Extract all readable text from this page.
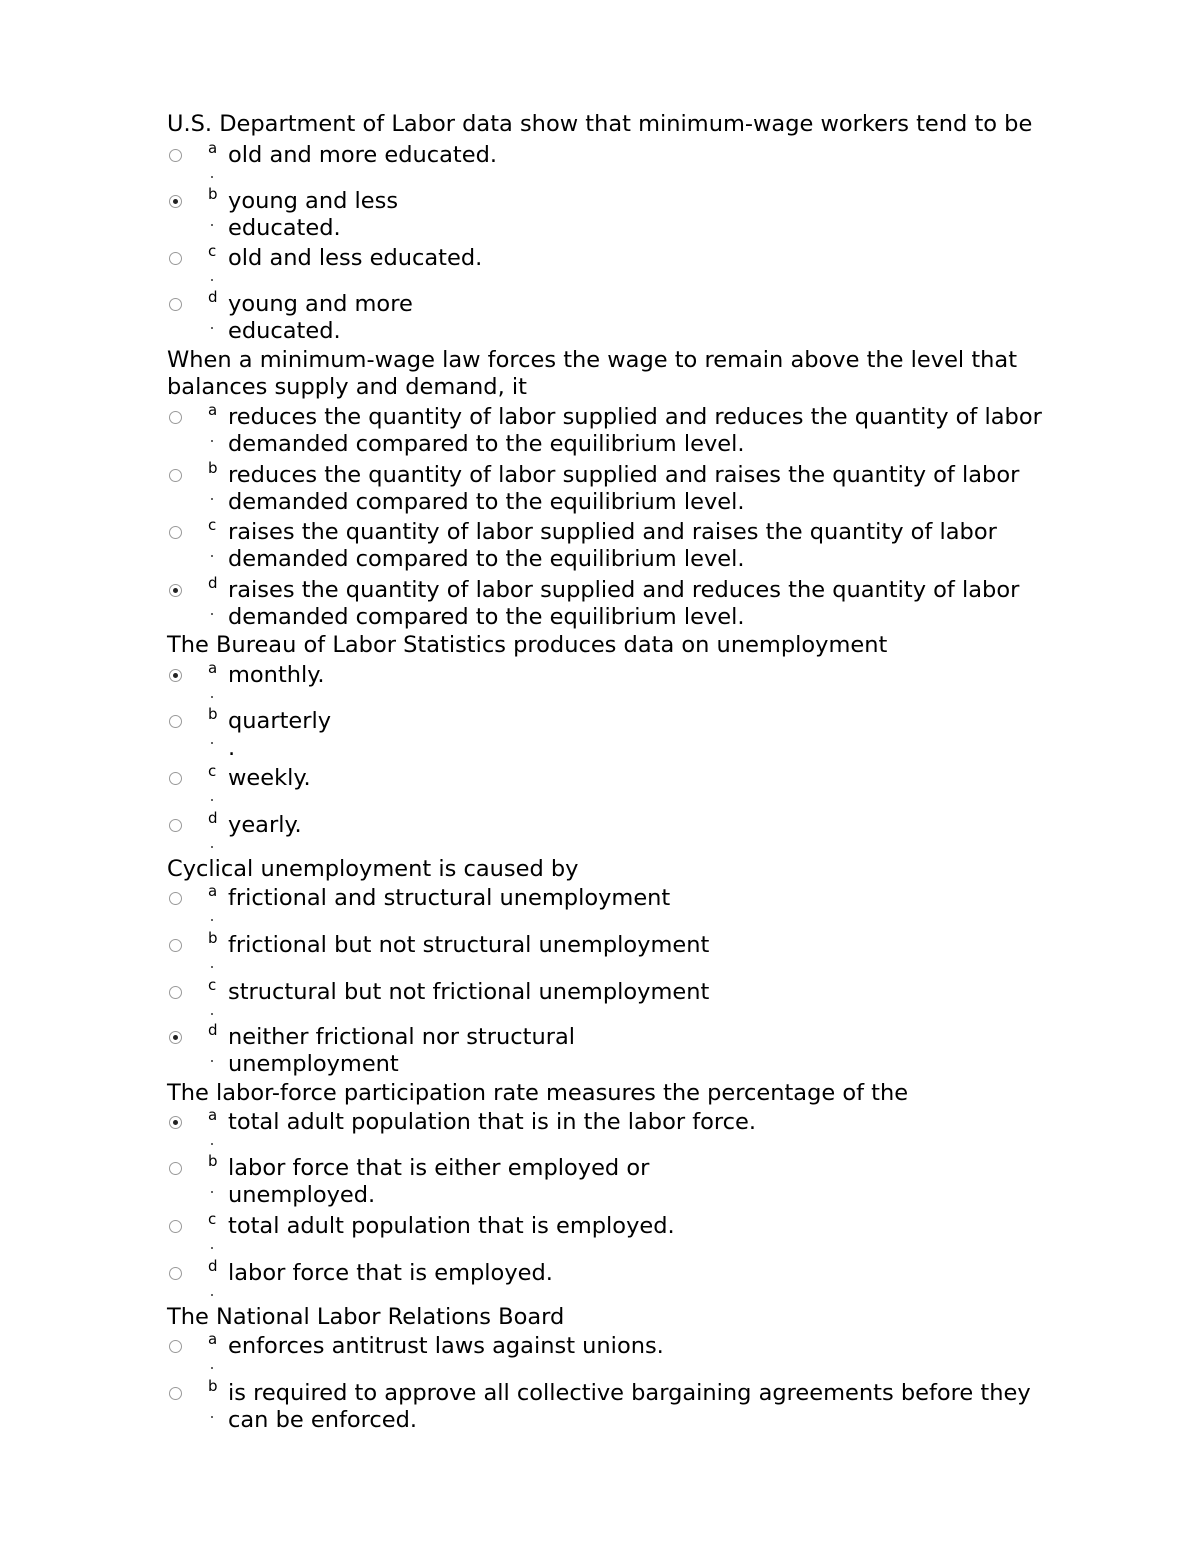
U.S. Department of Labor data show that minimum-wage workers tend to be
a old and more educated.
b young and less
educated.
c old and less educated.
d young and more
educated.
When a minimum-wage law forces the wage to remain above the level that
balances supply and demand, it
a reduces the quantity of labor supplied and reduces the quantity of labor
demanded compared to the equilibrium level.
b reduces the quantity of labor supplied and raises the quantity of labor
demanded compared to the equilibrium level.
c raises the quantity of labor supplied and raises the quantity of labor
demanded compared to the equilibrium level.
d raises the quantity of labor supplied and reduces the quantity of labor
demanded compared to the equilibrium level.
The Bureau of Labor Statistics produces data on unemployment
a monthly.
b quarterly
.
c weekly.
d yearly.
Cyclical unemployment is caused by
a frictional and structural unemployment
b frictional but not structural unemployment
c structural but not frictional unemployment
d neither frictional nor structural
unemployment
The labor-force participation rate measures the percentage of the
a total adult population that is in the labor force.
b labor force that is either employed or
unemployed.
c total adult population that is employed.
d labor force that is employed.
The National Labor Relations Board
a enforces antitrust laws against unions.
b is required to approve all collective bargaining agreements before they
can be enforced.
